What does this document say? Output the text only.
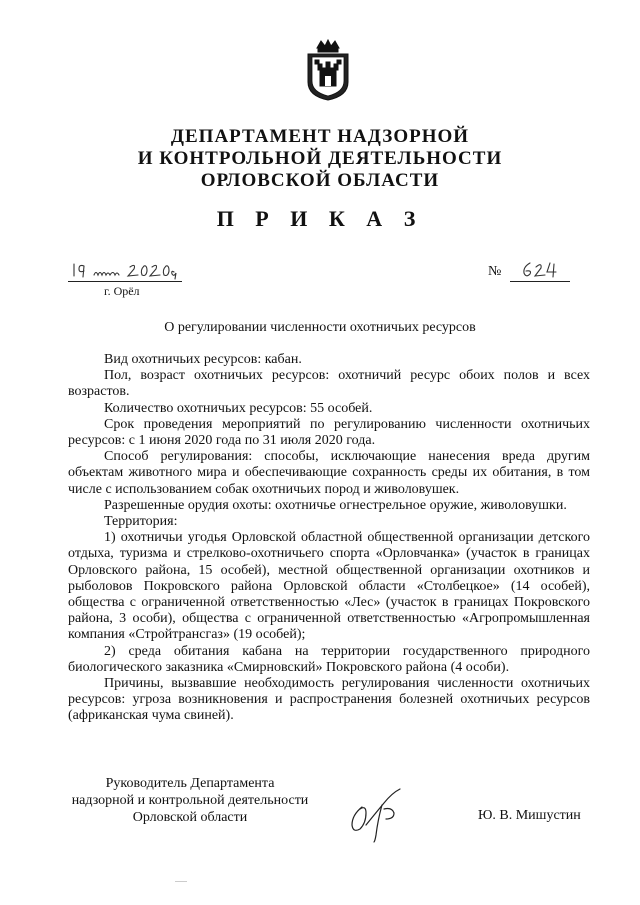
ДЕПАРТАМЕНТ НАДЗОРНОЙ
И КОНТРОЛЬНОЙ ДЕЯТЕЛЬНОСТИ
ОРЛОВСКОЙ ОБЛАСТИ
П Р И К А З
г. Орёл
№
О регулировании численности охотничьих ресурсов

Вид охотничьих ресурсов: кабан.

Пол, возраст охотничьих ресурсов: охотничий ресурс обоих полов и всех возрастов.

Количество охотничьих ресурсов: 55 особей.

Срок проведения мероприятий по регулированию численности охотничьих ресурсов: с 1 июня 2020 года по 31 июля 2020 года.

Способ регулирования: способы, исключающие нанесения вреда другим объектам животного мира и обеспечивающие сохранность среды их обитания, в том числе с использованием собак охотничьих пород и живоловушек.

Разрешенные орудия охоты: охотничье огнестрельное оружие, живоловушки.

Территория:

1) охотничьи угодья Орловской областной общественной организации детского отдыха, туризма и стрелково-охотничьего спорта «Орловчанка» (участок в границах Орловского района, 15 особей), местной общественной организации охотников и рыболовов Покровского района Орловской области «Столбецкое» (14 особей), общества с ограниченной ответственностью «Лес» (участок в границах Покровского района, 3 особи), общества с ограниченной ответственностью «Агропромышленная компания «Стройтрансгаз» (19 особей);

2) среда обитания кабана на территории государственного природного биологического заказника «Смирновский» Покровского района (4 особи).

Причины, вызвавшие необходимость регулирования численности охотничьих ресурсов: угроза возникновения и распространения болезней охотничьих ресурсов (африканская чума свиней).

Руководитель Департамента
надзорной и контрольной деятельности
Орловской области	Ю. В. Мишустин
